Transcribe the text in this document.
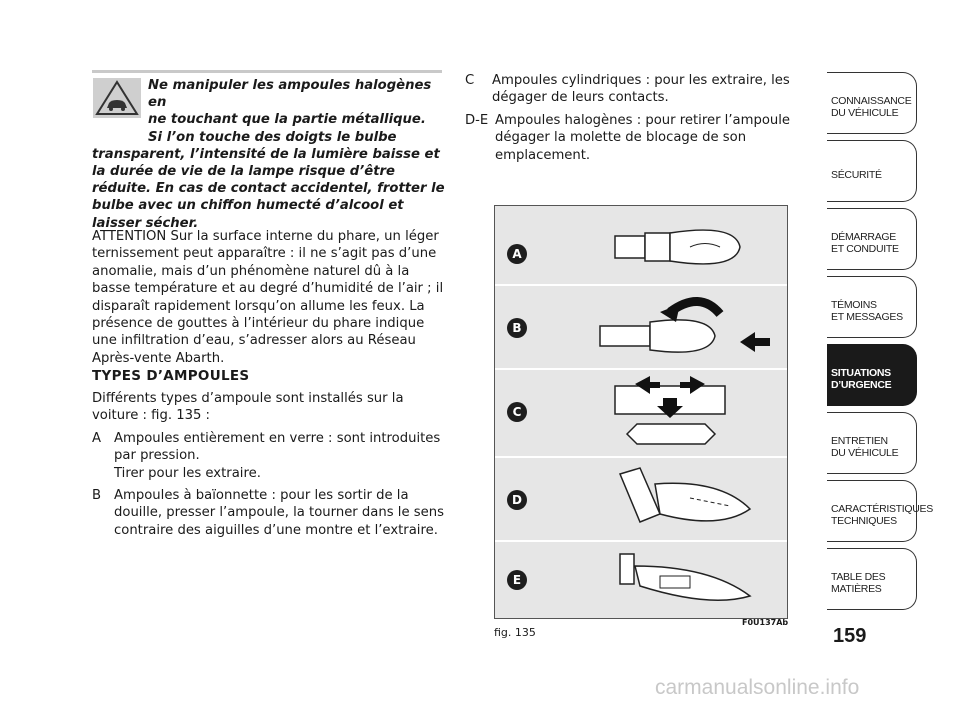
Ne manipuler les ampoules halogènes en
ne touchant que la partie métallique.
Si l’on touche des doigts le bulbe
transparent, l’intensité de la lumière baisse et la durée de vie de la lampe risque d’être réduite. En cas de contact accidentel, frotter le bulbe avec un chiffon humecté d’alcool et laisser sécher.
ATTENTION Sur la surface interne du phare, un léger ternissement peut apparaître : il ne s’agit pas d’une anomalie, mais d’un phénomène naturel dû à la basse température et au degré d’humidité de l’air ; il disparaît rapidement lorsqu’on allume les feux. La présence de gouttes à l’intérieur du phare indique une infiltration d’eau, s’adresser alors au Réseau Après-vente Abarth.
TYPES D’AMPOULES
Différents types d’ampoule sont installés sur la voiture : fig. 135 :
A Ampoules entièrement en verre : sont introduites par pression.
Tirer pour les extraire.
B Ampoules à baïonnette : pour les sortir de la douille, presser l’ampoule, la tourner dans le sens contraire des aiguilles d’une montre et l’extraire.
C Ampoules cylindriques : pour les extraire, les dégager de leurs contacts.
D-E Ampoules halogènes : pour retirer l’ampoule dégager la molette de blocage de son emplacement.
A
B
C
D
E
fig. 135
F0U137Ab
CONNAISSANCE
DU VÉHICULE
SÉCURITÉ
DÉMARRAGE
ET CONDUITE
TÉMOINS
ET MESSAGES
SITUATIONS
D’URGENCE
ENTRETIEN
DU VÉHICULE
CARACTÉRISTIQUES
TECHNIQUES
TABLE DES
MATIÈRES
159
carmanualsonline.info
